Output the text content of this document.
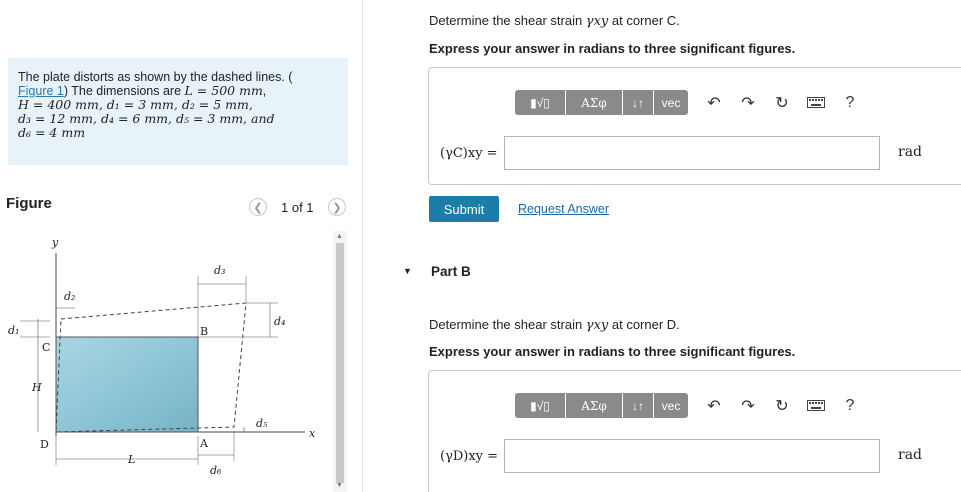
The plate distorts as shown by the dashed lines. (
Figure 1) The dimensions are L = 500 mm,
H = 400 mm, d₁ = 3 mm, d₂ = 5 mm,
d₃ = 12 mm, d₄ = 6 mm, d₅ = 3 mm, and
d₆ = 4 mm
Figure	❮ 1 of 1 ❯
y
x
C
B
D	A
H
L
d₁
d₂
d₃
d₄
d₅
d₆
▲
▼
Determine the shear strain γxy at corner C.
Express your answer in radians to three significant figures.
▮√▯	ΑΣφ	↓↑	vec	↶	↷	↻	?
(γC)xy =	rad
Submit	Request Answer
▼ Part B
Determine the shear strain γxy at corner D.
Express your answer in radians to three significant figures.
▮√▯	ΑΣφ	↓↑	vec	↶	↷	↻	?
(γD)xy =	rad
